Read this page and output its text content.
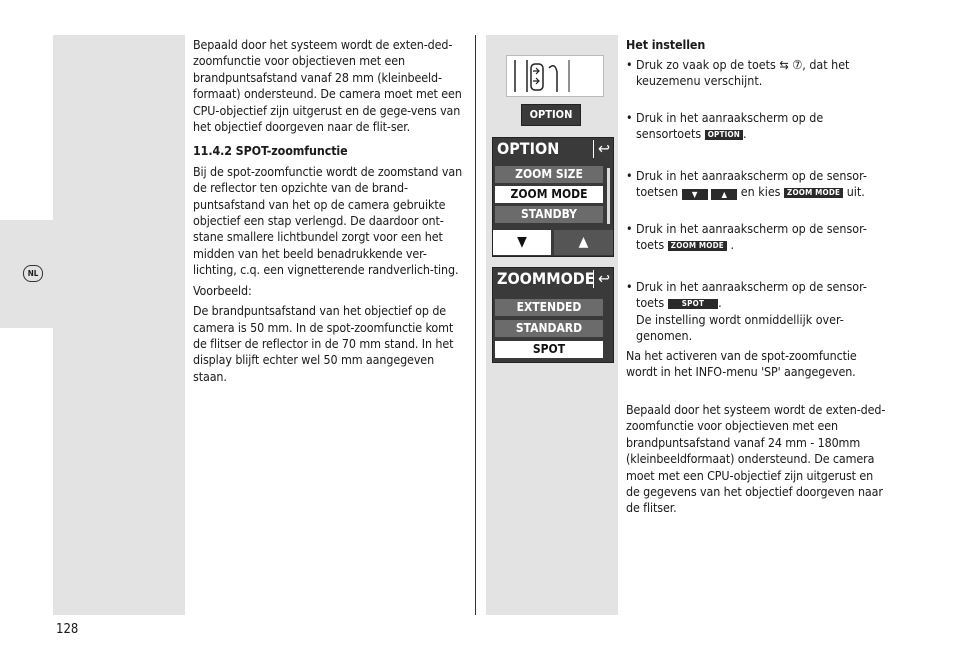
NL

Bepaald door het systeem wordt de exten-ded-zoomfunctie voor objectieven met een brandpuntsafstand vanaf 28 mm (kleinbeeld-formaat) ondersteund. De camera moet met een CPU-objectief zijn uitgerust en de gege-vens van het objectief doorgeven naar de flit-ser.

11.4.2 SPOT-zoomfunctie

Bij de spot-zoomfunctie wordt de zoomstand van de reflector ten opzichte van de brand-puntsafstand van het op de camera gebruikte objectief een stap verlengd. De daardoor ont-stane smallere lichtbundel zorgt voor een het midden van het beeld benadrukkende ver-lichting, c.q. een vignetterende randverlich-ting.

Voorbeeld:

De brandpuntsafstand van het objectief op de camera is 50 mm. In de spot-zoomfunctie komt de flitser de reflector in de 70 mm stand. In het display blijft echter wel 50 mm aangegeven staan.

OPTION
OPTION	↩
ZOOM SIZE
ZOOM MODE
STANDBY
▼	▲
ZOOMMODE ↩
EXTENDED
STANDARD
SPOT
Het instellen
• Druk zo vaak op de toets ⇆ ⑦, dat het keuzemenu verschijnt.
• Druk in het aanraakscherm op de sensortoets OPTION .
• Druk in het aanraakscherm op de sensor-toetsen ▼	▲ en kies ZOOM MODE uit.
• Druk in het aanraakscherm op de sensor-toets ZOOM MODE .
• Druk in het aanraakscherm op de sensor-toets SPOT .
De instelling wordt onmiddellijk over-genomen.
Na het activeren van de spot-zoomfunctie wordt in het INFO-menu 'SP' aangegeven.
Bepaald door het systeem wordt de exten-ded-zoomfunctie voor objectieven met een brandpuntsafstand vanaf 24 mm - 180mm (kleinbeeldformaat) ondersteund. De camera moet met een CPU-objectief zijn uitgerust en de gegevens van het objectief doorgeven naar de flitser.
128
